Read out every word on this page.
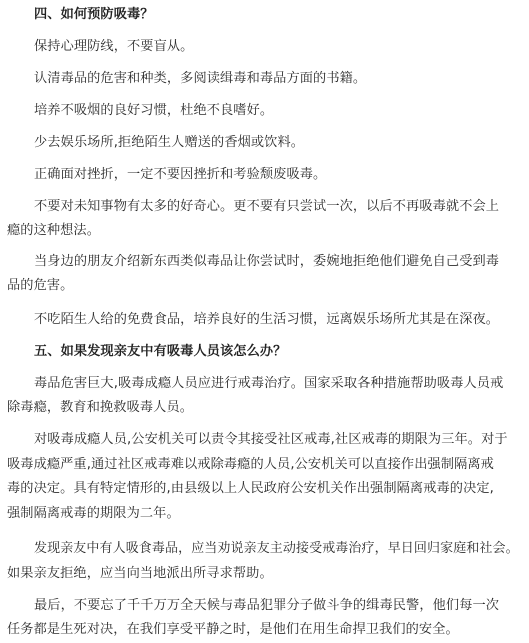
四、如何预防吸毒？
保持心理防线，不要盲从。
认清毒品的危害和种类，多阅读缉毒和毒品方面的书籍。
培养不吸烟的良好习惯，杜绝不良嗜好。
少去娱乐场所,拒绝陌生人赠送的香烟或饮料。
正确面对挫折，一定不要因挫折和考验颓废吸毒。
不要对未知事物有太多的好奇心。更不要有只尝试一次，以后不再吸毒就不会上
瘾的这种想法。
当身边的朋友介绍新东西类似毒品让你尝试时，委婉地拒绝他们避免自己受到毒
品的危害。
不吃陌生人给的免费食品，培养良好的生活习惯，远离娱乐场所尤其是在深夜。
五、如果发现亲友中有吸毒人员该怎么办？
毒品危害巨大,吸毒成瘾人员应进行戒毒治疗。国家采取各种措施帮助吸毒人员戒
除毒瘾，教育和挽救吸毒人员。
对吸毒成瘾人员,公安机关可以责令其接受社区戒毒,社区戒毒的期限为三年。对于
吸毒成瘾严重,通过社区戒毒难以戒除毒瘾的人员,公安机关可以直接作出强制隔离戒
毒的决定。具有特定情形的,由县级以上人民政府公安机关作出强制隔离戒毒的决定,
强制隔离戒毒的期限为二年。
发现亲友中有人吸食毒品，应当劝说亲友主动接受戒毒治疗，早日回归家庭和社会。
如果亲友拒绝，应当向当地派出所寻求帮助。
最后，不要忘了千千万万全天候与毒品犯罪分子做斗争的缉毒民警，他们每一次
任务都是生死对决，在我们享受平静之时，是他们在用生命捍卫我们的安全。
